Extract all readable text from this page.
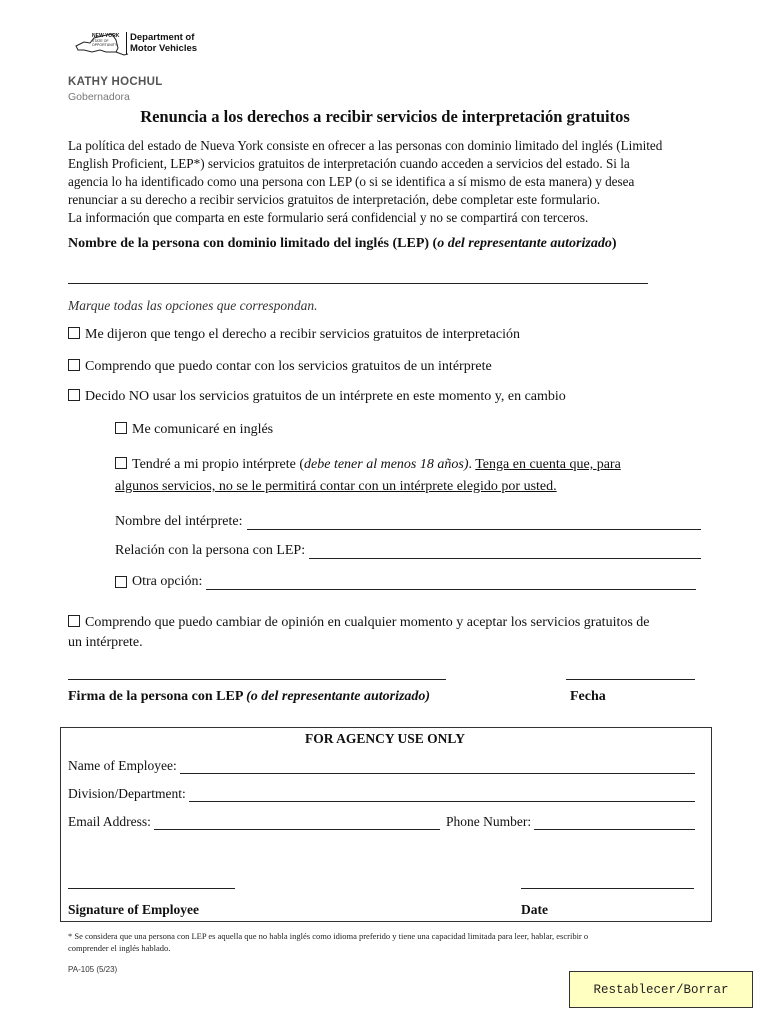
NEW YORK
STATE OF
OPPORTUNITY.
Department of
Motor Vehicles
KATHY HOCHUL
Gobernadora
Renuncia a los derechos a recibir servicios de interpretación gratuitos

La política del estado de Nueva York consiste en ofrecer a las personas con dominio limitado del inglés (Limited

English Proficient, LEP*) servicios gratuitos de interpretación cuando acceden a servicios del estado. Si la

agencia lo ha identificado como una persona con LEP (o si se identifica a sí mismo de esta manera) y desea

renunciar a su derecho a recibir servicios gratuitos de interpretación, debe completar este formulario.

La información que comparta en este formulario será confidencial y no se compartirá con terceros.

Nombre de la persona con dominio limitado del inglés (LEP) (o del representante autorizado)
Marque todas las opciones que correspondan.
Me dijeron que tengo el derecho a recibir servicios gratuitos de interpretación
Comprendo que puedo contar con los servicios gratuitos de un intérprete
Decido NO usar los servicios gratuitos de un intérprete en este momento y, en cambio
Me comunicaré en inglés
Tendré a mi propio intérprete (debe tener al menos 18 años). Tenga en cuenta que, para
algunos servicios, no se le permitirá contar con un intérprete elegido por usted.
Nombre del intérprete:
Relación con la persona con LEP:
Otra opción:
Comprendo que puedo cambiar de opinión en cualquier momento y aceptar los servicios gratuitos de
un intérprete.
Firma de la persona con LEP (o del representante autorizado)	Fecha
FOR AGENCY USE ONLY
Name of Employee:
Division/Department:
Email Address:	Phone Number:
Signature of Employee	Date
* Se considera que una persona con LEP es aquella que no habla inglés como idioma preferido y tiene una capacidad limitada para leer, hablar, escribir o
comprender el inglés hablado.
PA-105 (5/23)
Restablecer/Borrar
